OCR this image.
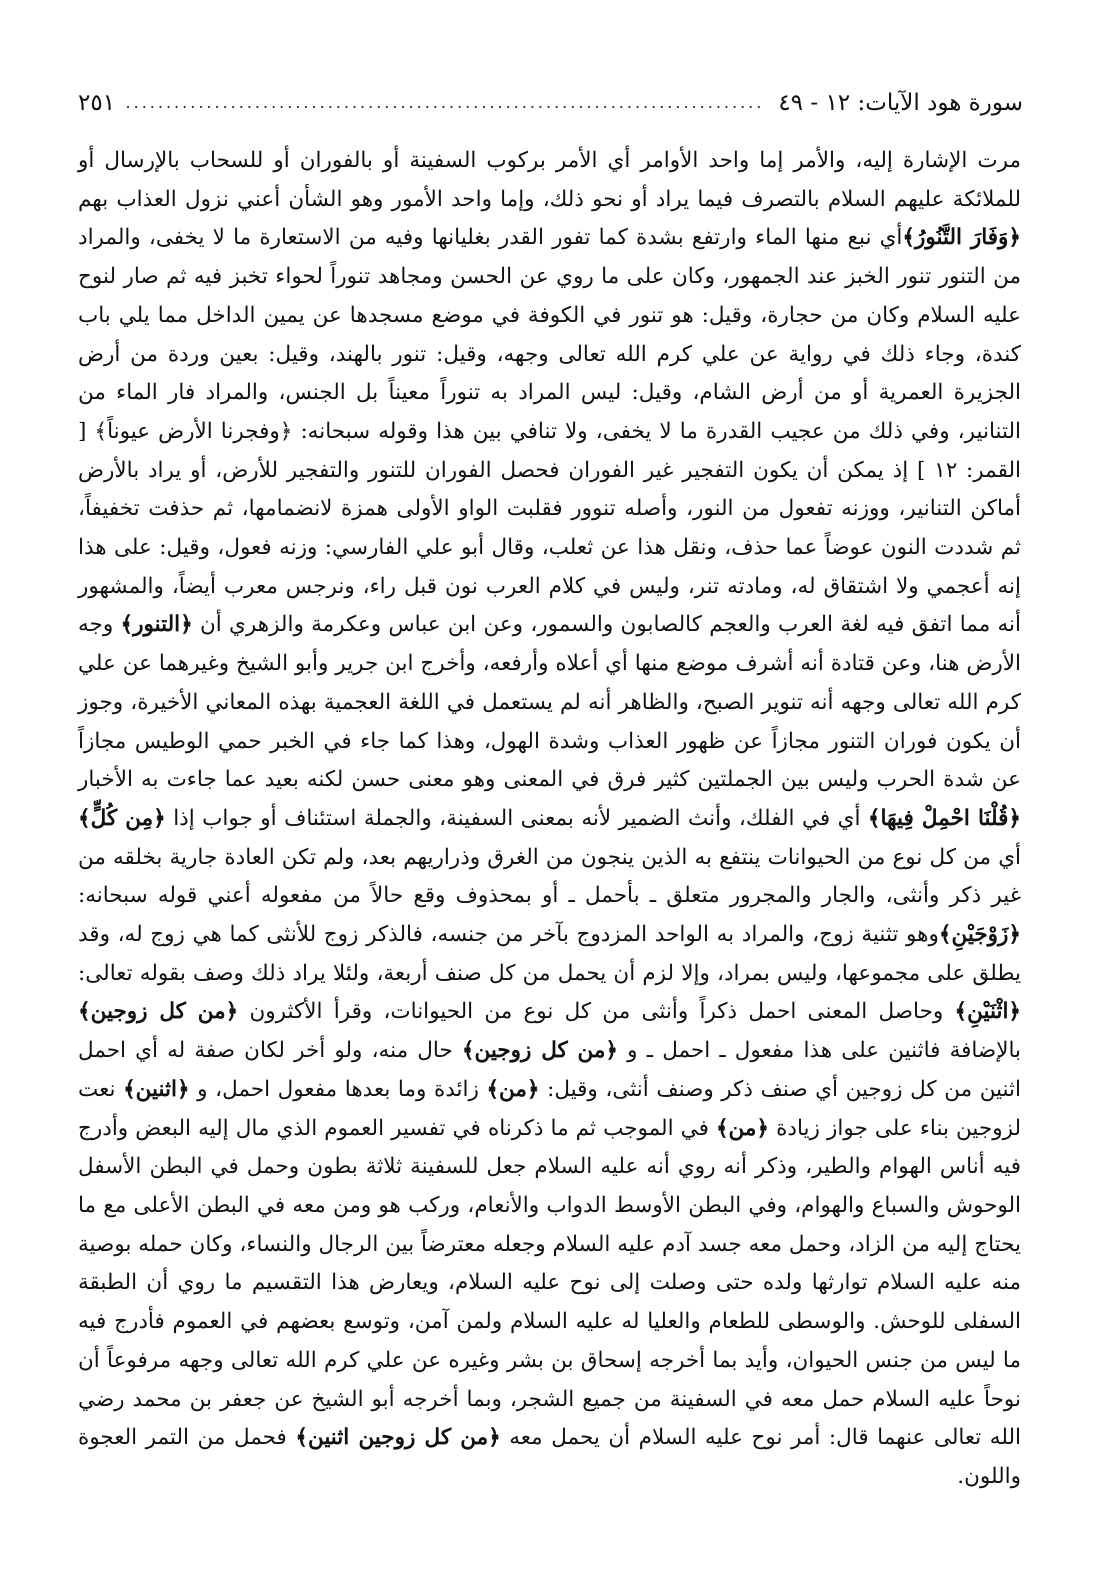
سورة هود الآيات: ١٢ - ٤٩
.....
٢٥١

مرت الإشارة إليه، والأمر إما واحد الأوامر أي الأمر بركوب السفينة أو بالفوران أو للسحاب بالإرسال أو للملائكة عليهم السلام بالتصرف فيما يراد أو نحو ذلك، وإما واحد الأمور وهو الشأن أعني نزول العذاب بهم ﴿وَفَارَ التَّنُورُ﴾أي نبع منها الماء وارتفع بشدة كما تفور القدر بغليانها وفيه من الاستعارة ما لا يخفى، والمراد من التنور تنور الخبز عند الجمهور، وكان على ما روي عن الحسن ومجاهد تنوراً لحواء تخبز فيه ثم صار لنوح عليه السلام وكان من حجارة، وقيل: هو تنور في الكوفة في موضع مسجدها عن يمين الداخل مما يلي باب كندة، وجاء ذلك في رواية عن علي كرم الله تعالى وجهه، وقيل: تنور بالهند، وقيل: بعين وردة من أرض الجزيرة العمرية أو من أرض الشام، وقيل: ليس المراد به تنوراً معيناً بل الجنس، والمراد فار الماء من التنانير، وفي ذلك من عجيب القدرة ما لا يخفى، ولا تنافي بين هذا وقوله سبحانه: ﴿وفجرنا الأرض عيوناً﴾ [ القمر: ١٢ ] إذ يمكن أن يكون التفجير غير الفوران فحصل الفوران للتنور والتفجير للأرض، أو يراد بالأرض أماكن التنانير، ووزنه تفعول من النور، وأصله تنوور فقلبت الواو الأولى همزة لانضمامها، ثم حذفت تخفيفاً، ثم شددت النون عوضاً عما حذف، ونقل هذا عن ثعلب، وقال أبو علي الفارسي: وزنه فعول، وقيل: على هذا إنه أعجمي ولا اشتقاق له، ومادته تنر، وليس في كلام العرب نون قبل راء، ونرجس معرب أيضاً، والمشهور أنه مما اتفق فيه لغة العرب والعجم كالصابون والسمور، وعن ابن عباس وعكرمة والزهري أن ﴿التنور﴾ وجه الأرض هنا، وعن قتادة أنه أشرف موضع منها أي أعلاه وأرفعه، وأخرج ابن جرير وأبو الشيخ وغيرهما عن علي كرم الله تعالى وجهه أنه تنوير الصبح، والظاهر أنه لم يستعمل في اللغة العجمية بهذه المعاني الأخيرة، وجوز أن يكون فوران التنور مجازاً عن ظهور العذاب وشدة الهول، وهذا كما جاء في الخبر حمي الوطيس مجازاً عن شدة الحرب وليس بين الجملتين كثير فرق في المعنى وهو معنى حسن لكنه بعيد عما جاءت به الأخبار ﴿قُلْنَا احْمِلْ فِيهَا﴾ أي في الفلك، وأنث الضمير لأنه بمعنى السفينة، والجملة استئناف أو جواب إذا ﴿مِن كُلٍّ﴾ أي من كل نوع من الحيوانات ينتفع به الذين ينجون من الغرق وذراريهم بعد، ولم تكن العادة جارية بخلقه من غير ذكر وأنثى، والجار والمجرور متعلق ـ بأحمل ـ أو بمحذوف وقع حالاً من مفعوله أعني قوله سبحانه: ﴿زَوْجَيْنِ﴾وهو تثنية زوج، والمراد به الواحد المزدوج بآخر من جنسه، فالذكر زوج للأنثى كما هي زوج له، وقد يطلق على مجموعها، وليس بمراد، وإلا لزم أن يحمل من كل صنف أربعة، ولئلا يراد ذلك وصف بقوله تعالى: ﴿اثْنَيْنِ﴾ وحاصل المعنى احمل ذكراً وأنثى من كل نوع من الحيوانات، وقرأ الأكثرون ﴿من كل زوجين﴾ بالإضافة فاثنين على هذا مفعول ـ احمل ـ و ﴿من كل زوجين﴾ حال منه، ولو أخر لكان صفة له أي احمل اثنين من كل زوجين أي صنف ذكر وصنف أنثى، وقيل: ﴿من﴾ زائدة وما بعدها مفعول احمل، و ﴿اثنين﴾ نعت لزوجين بناء على جواز زيادة ﴿من﴾ في الموجب ثم ما ذكرناه في تفسير العموم الذي مال إليه البعض وأدرج فيه أناس الهوام والطير، وذكر أنه روي أنه عليه السلام جعل للسفينة ثلاثة بطون وحمل في البطن الأسفل الوحوش والسباع والهوام، وفي البطن الأوسط الدواب والأنعام، وركب هو ومن معه في البطن الأعلى مع ما يحتاج إليه من الزاد، وحمل معه جسد آدم عليه السلام وجعله معترضاً بين الرجال والنساء، وكان حمله بوصية منه عليه السلام توارثها ولده حتى وصلت إلى نوح عليه السلام، ويعارض هذا التقسيم ما روي أن الطبقة السفلى للوحش. والوسطى للطعام والعليا له عليه السلام ولمن آمن، وتوسع بعضهم في العموم فأدرج فيه ما ليس من جنس الحيوان، وأيد بما أخرجه إسحاق بن بشر وغيره عن علي كرم الله تعالى وجهه مرفوعاً أن نوحاً عليه السلام حمل معه في السفينة من جميع الشجر، وبما أخرجه أبو الشيخ عن جعفر بن محمد رضي الله تعالى عنهما قال: أمر نوح عليه السلام أن يحمل معه ﴿من كل زوجين اثنين﴾ فحمل من التمر العجوة واللون.
